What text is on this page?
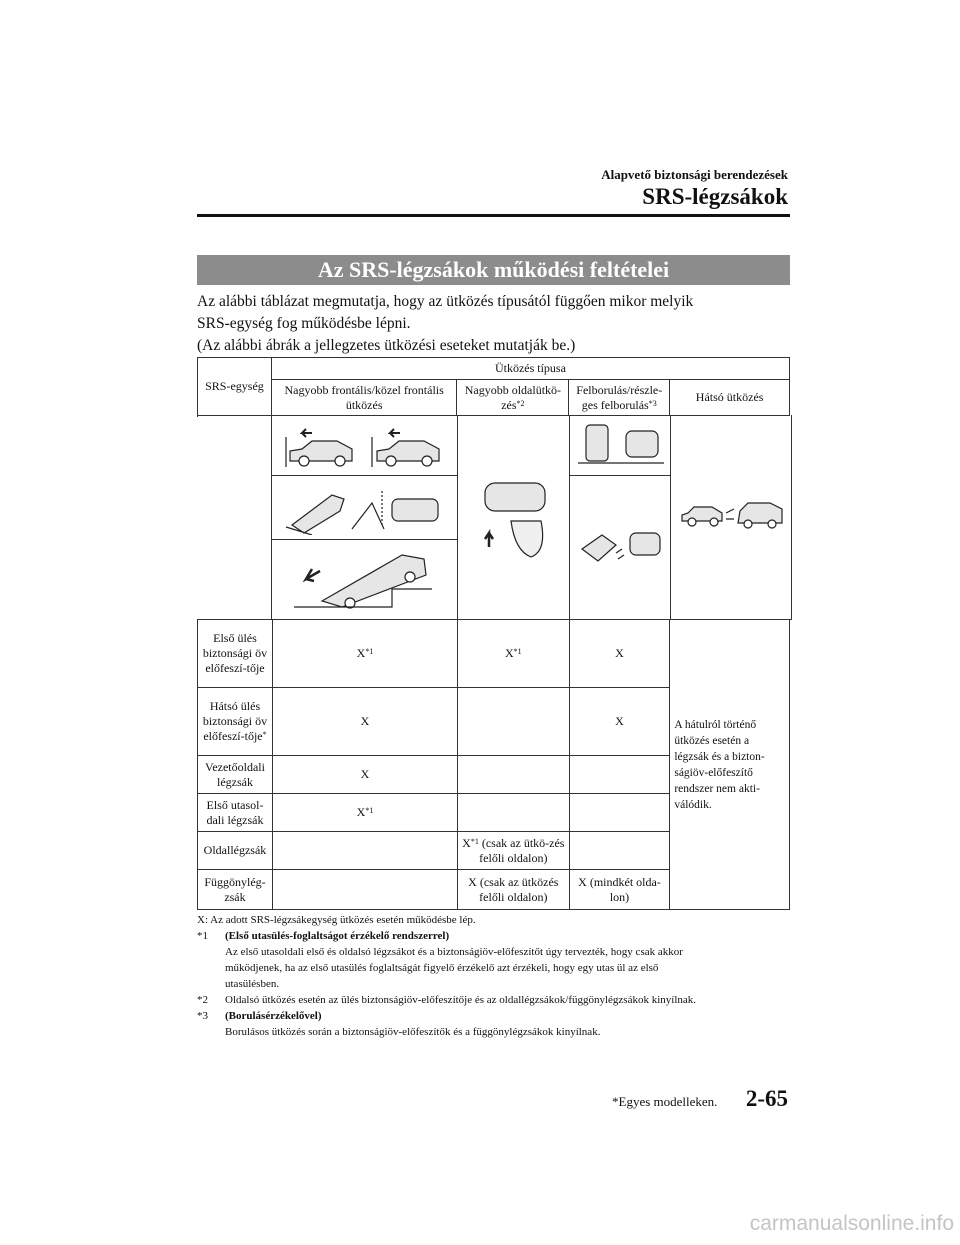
Alapvető biztonsági berendezések
SRS-légzsákok
Az SRS-légzsákok működési feltételei
Az alábbi táblázat megmutatja, hogy az ütközés típusától függően mikor melyik
SRS-egység fog működésbe lépni.
(Az alábbi ábrák a jellegzetes ütközési eseteket mutatják be.)
SRS-egység	Ütközés típusa			
	Nagyobb frontális/közel frontális ütközés	Nagyobb oldalütkö-zés$^{*2}$	Felborulás/részle-ges felborulás$^{*3}$	Hátsó ütközés

Első ülés biztonsági öv előfeszí-tője	$X^{*1}$	$X^{*1}$	X	A hátulról történő ütközés esetén a légzsák és a bizton-ságiöv-előfeszítő rendszer nem akti-válódik.
Hátsó ülés biztonsági öv előfeszí-tője*	X		X	
Vezetőoldali légzsák	X			
Első utasol-dali légzsák	$X^{*1}$		
Oldallégzsák		$X^{*1}$ (csak az ütkö-zés felőli oldalon)		
Függönylég-zsák		X (csak az ütközés felőli oldalon)	X (mindkét olda-lon)	
X: Az adott SRS-légzsákegység ütközés esetén működésbe lép.
*1	(Első utasülés-foglaltságot érzékelő rendszerrel)
Az első utasoldali első és oldalsó légzsákot és a biztonságiöv-előfeszítőt úgy tervezték, hogy csak akkor
működjenek, ha az első utasülés foglaltságát figyelő érzékelő azt érzékeli, hogy egy utas ül az első
utasülésben.
*2	Oldalsó ütközés esetén az ülés biztonságiöv-előfeszítője és az oldallégzsákok/függönylégzsákok kinyílnak.
*3	(Borulásérzékelővel)
Borulásos ütközés során a biztonságiöv-előfeszítők és a függönylégzsákok kinyílnak.
*Egyes modelleken. 2-65
carmanualsonline.info
